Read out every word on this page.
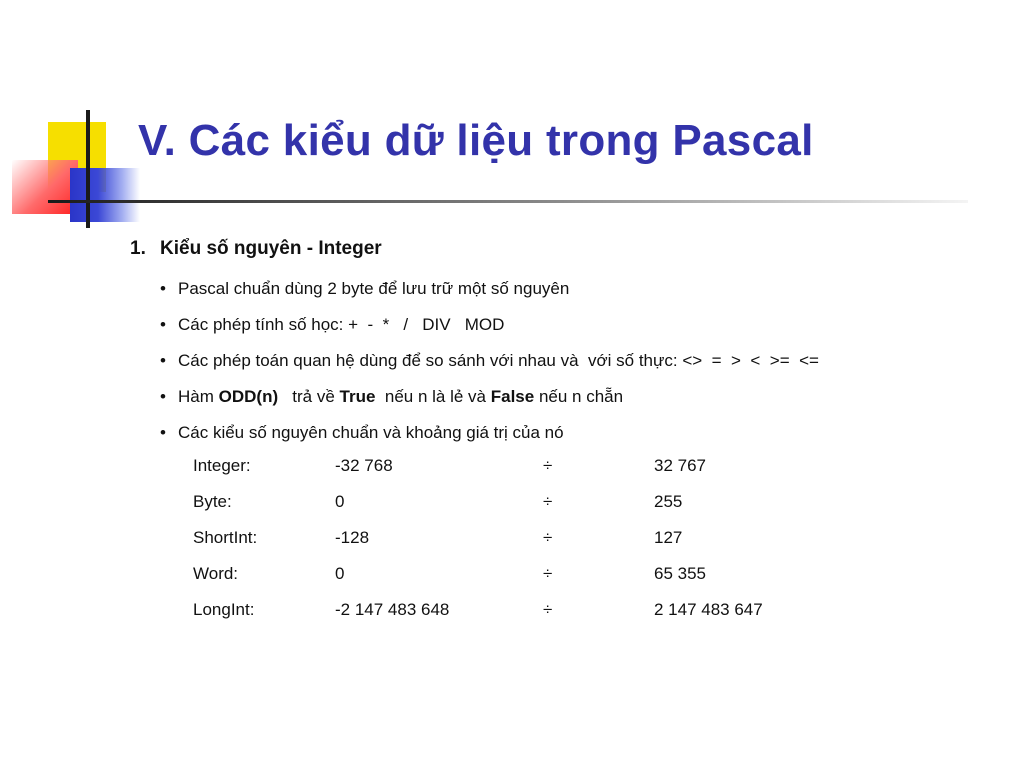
V. Các kiểu dữ liệu trong Pascal
1. Kiểu số nguyên - Integer
• Pascal chuẩn dùng 2 byte để lưu trữ một số nguyên
• Các phép tính số học: +  -  *   /   DIV   MOD
• Các phép toán quan hệ dùng để so sánh với nhau và  với số thực: <>  =  >  <  >=  <=
• Hàm ODD(n)   trả về True  nếu n là lẻ và False nếu n chẵn
• Các kiểu số nguyên chuẩn và khoảng giá trị của nó
Integer:	-32 768	÷	32 767
Byte:	0	÷	255
ShortInt:	-128	÷	127
Word:	0	÷	65 355
LongInt:	-2 147 483 648	÷	2 147 483 647
